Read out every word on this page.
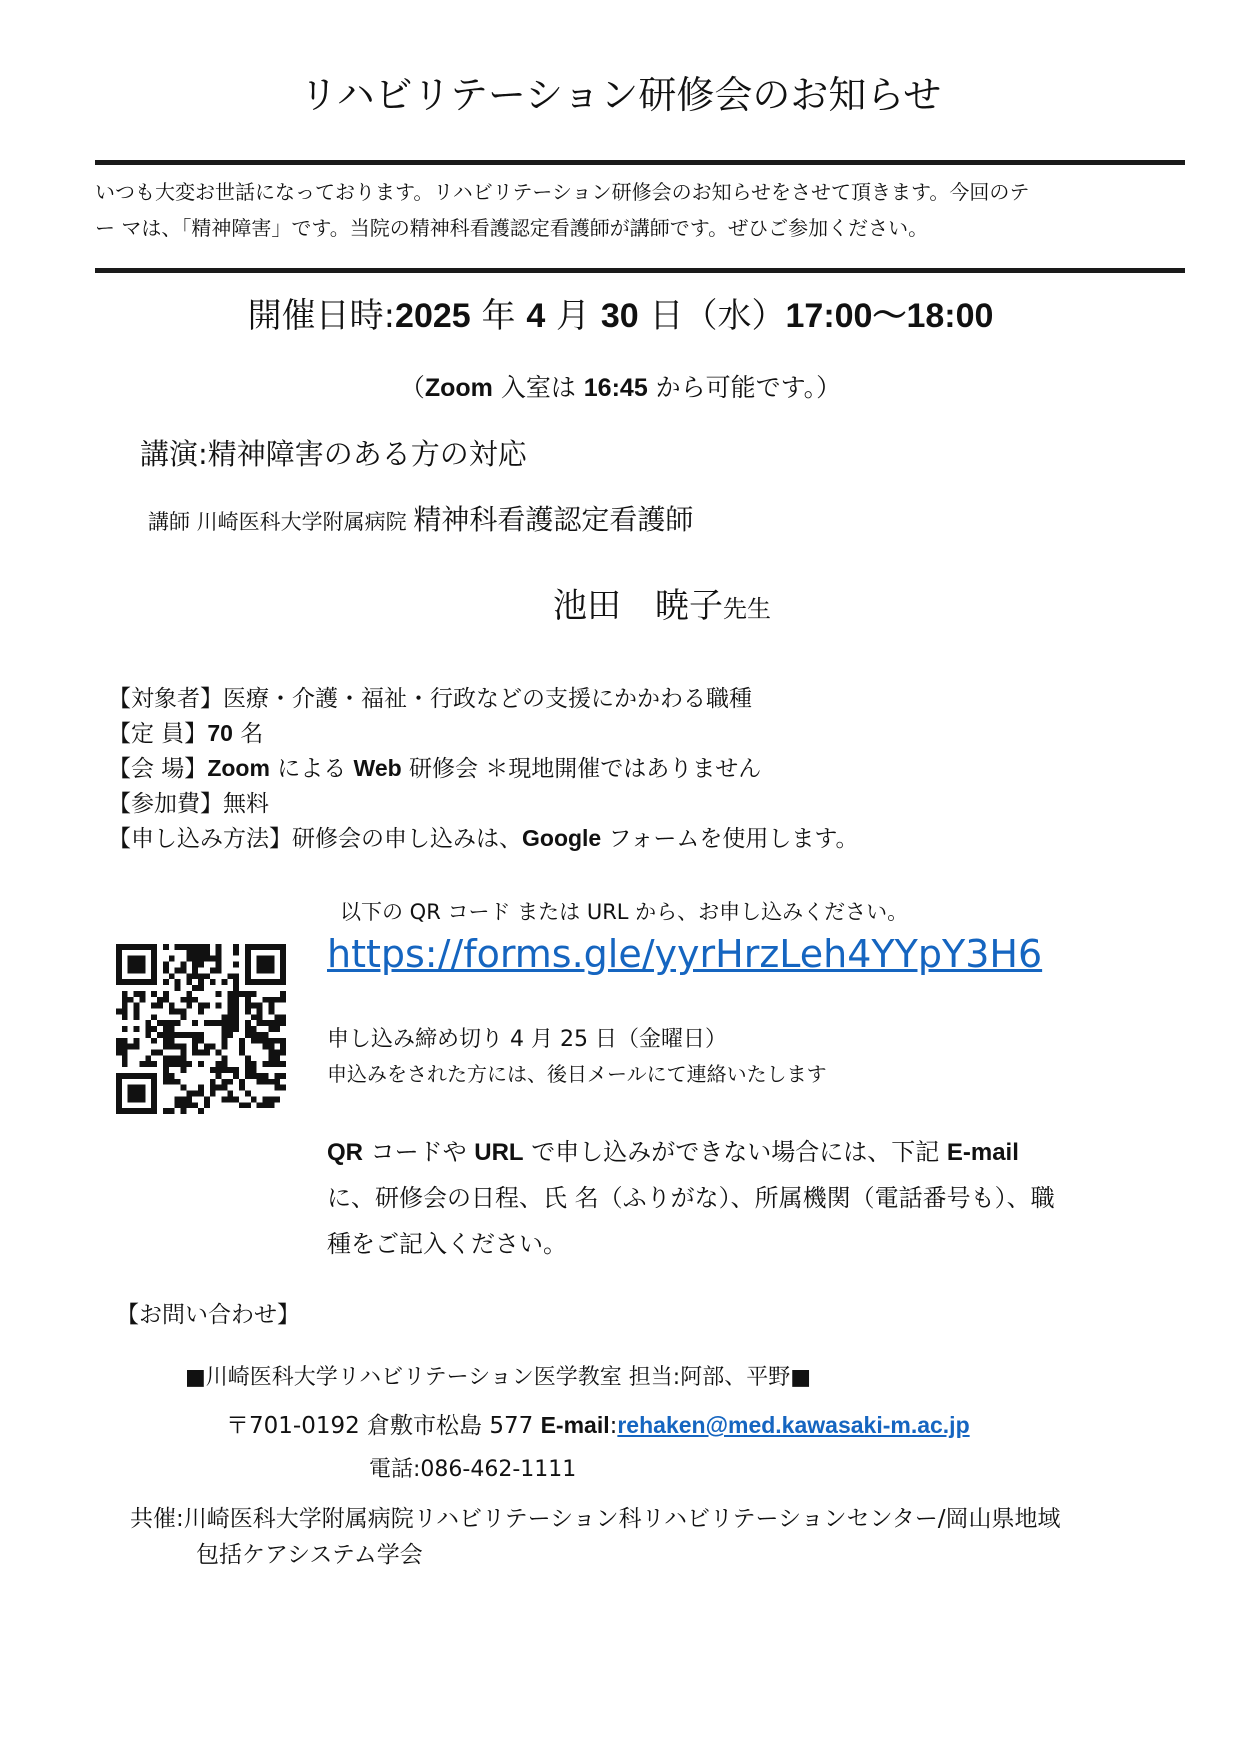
リハビリテーション研修会のお知らせ
いつも大変お世話になっております。リハビリテーション研修会のお知らせをさせて頂きます。今回のテ
ー マは、「精神障害」です。当院の精神科看護認定看護師が講師です。ぜひご参加ください。
開催日時:2025 年 4 月 30 日（水）17:00〜18:00
（Zoom 入室は 16:45 から可能です。）
講演:精神障害のある方の対応
講師 川崎医科大学附属病院 精神科看護認定看護師
池田　暁子先生
【対象者】医療・介護・福祉・行政などの支援にかかわる職種
【定 員】70 名
【会 場】Zoom による Web 研修会 ＊現地開催ではありません
【参加費】無料
【申し込み方法】研修会の申し込みは、Google フォームを使用します。
以下の QR コード または URL から、お申し込みください。
https://forms.gle/yyrHrzLeh4YYpY3H6
申し込み締め切り 4 月 25 日（金曜日）
申込みをされた方には、後日メールにて連絡いたします
QR コードや URL で申し込みができない場合には、下記 E-mail
に、研修会の日程、氏 名（ふりがな）、所属機関（電話番号も）、職
種をご記入ください。
【お問い合わせ】
■川崎医科大学リハビリテーション医学教室 担当:阿部、平野■
〒701-0192 倉敷市松島 577 E-mail:rehaken@med.kawasaki-m.ac.jp
電話:086-462-1111
共催:川崎医科大学附属病院リハビリテーション科リハビリテーションセンター/岡山県地域
包括ケアシステム学会
